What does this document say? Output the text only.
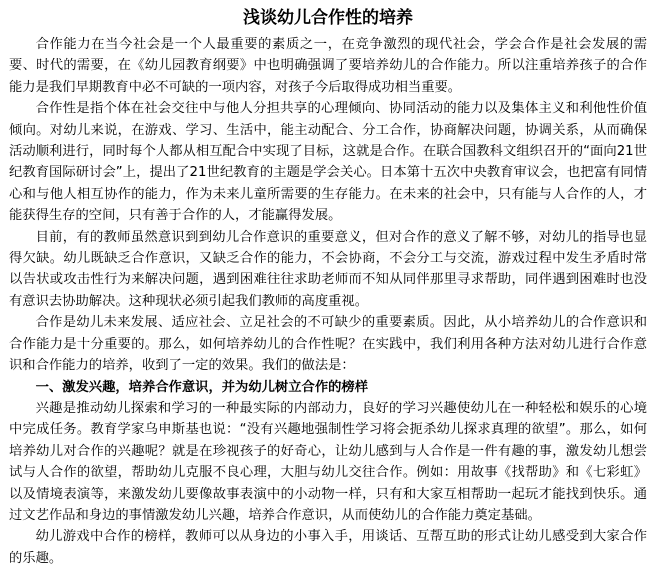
浅谈幼儿合作性的培养

合作能力在当今社会是一个人最重要的素质之一，在竞争激烈的现代社会，学会合作是社会发展的需要、时代的需要，在《幼儿园教育纲要》中也明确强调了要培养幼儿的合作能力。所以注重培养孩子的合作能力是我们早期教育中必不可缺的一项内容，对孩子今后取得成功相当重要。

合作性是指个体在社会交往中与他人分担共享的心理倾向、协同活动的能力以及集体主义和利他性价值倾向。对幼儿来说，在游戏、学习、生活中，能主动配合、分工合作，协商解决问题，协调关系，从而确保活动顺利进行，同时每个人都从相互配合中实现了目标，这就是合作。在联合国教科文组织召开的“面向21世纪教育国际研讨会”上，提出了21世纪教育的主题是学会关心。日本第十五次中央教育审议会，也把富有同情心和与他人相互协作的能力，作为未来儿童所需要的生存能力。在未来的社会中，只有能与人合作的人，才能获得生存的空间，只有善于合作的人，才能赢得发展。

目前，有的教师虽然意识到到幼儿合作意识的重要意义，但对合作的意义了解不够，对幼儿的指导也显得欠缺。幼儿既缺乏合作意识，又缺乏合作的能力，不会协商，不会分工与交流，游戏过程中发生矛盾时常以告状或攻击性行为来解决问题，遇到困难往往求助老师而不知从同伴那里寻求帮助，同伴遇到困难时也没有意识去协助解决。这种现状必须引起我们教师的高度重视。

合作是幼儿未来发展、适应社会、立足社会的不可缺少的重要素质。因此，从小培养幼儿的合作意识和合作能力是十分重要的。那么，如何培养幼儿的合作性呢？在实践中，我们利用各种方法对幼儿进行合作意识和合作能力的培养，收到了一定的效果。我们的做法是：

一、激发兴趣，培养合作意识，并为幼儿树立合作的榜样

兴趣是推动幼儿探索和学习的一种最实际的内部动力，良好的学习兴趣使幼儿在一种轻松和娱乐的心境中完成任务。教育学家乌申斯基也说：“没有兴趣地强制性学习将会扼杀幼儿探求真理的欲望”。那么，如何培养幼儿对合作的兴趣呢？就是在珍视孩子的好奇心，让幼儿感到与人合作是一件有趣的事，激发幼儿想尝试与人合作的欲望，帮助幼儿克服不良心理，大胆与幼儿交往合作。例如：用故事《找帮助》和《七彩虹》以及情境表演等，来激发幼儿要像故事表演中的小动物一样，只有和大家互相帮助一起玩才能找到快乐。通过文艺作品和身边的事情激发幼儿兴趣，培养合作意识，从而使幼儿的合作能力奠定基础。

幼儿游戏中合作的榜样，教师可以从身边的小事入手，用谈话、互帮互助的形式让幼儿感受到大家合作的乐趣。
